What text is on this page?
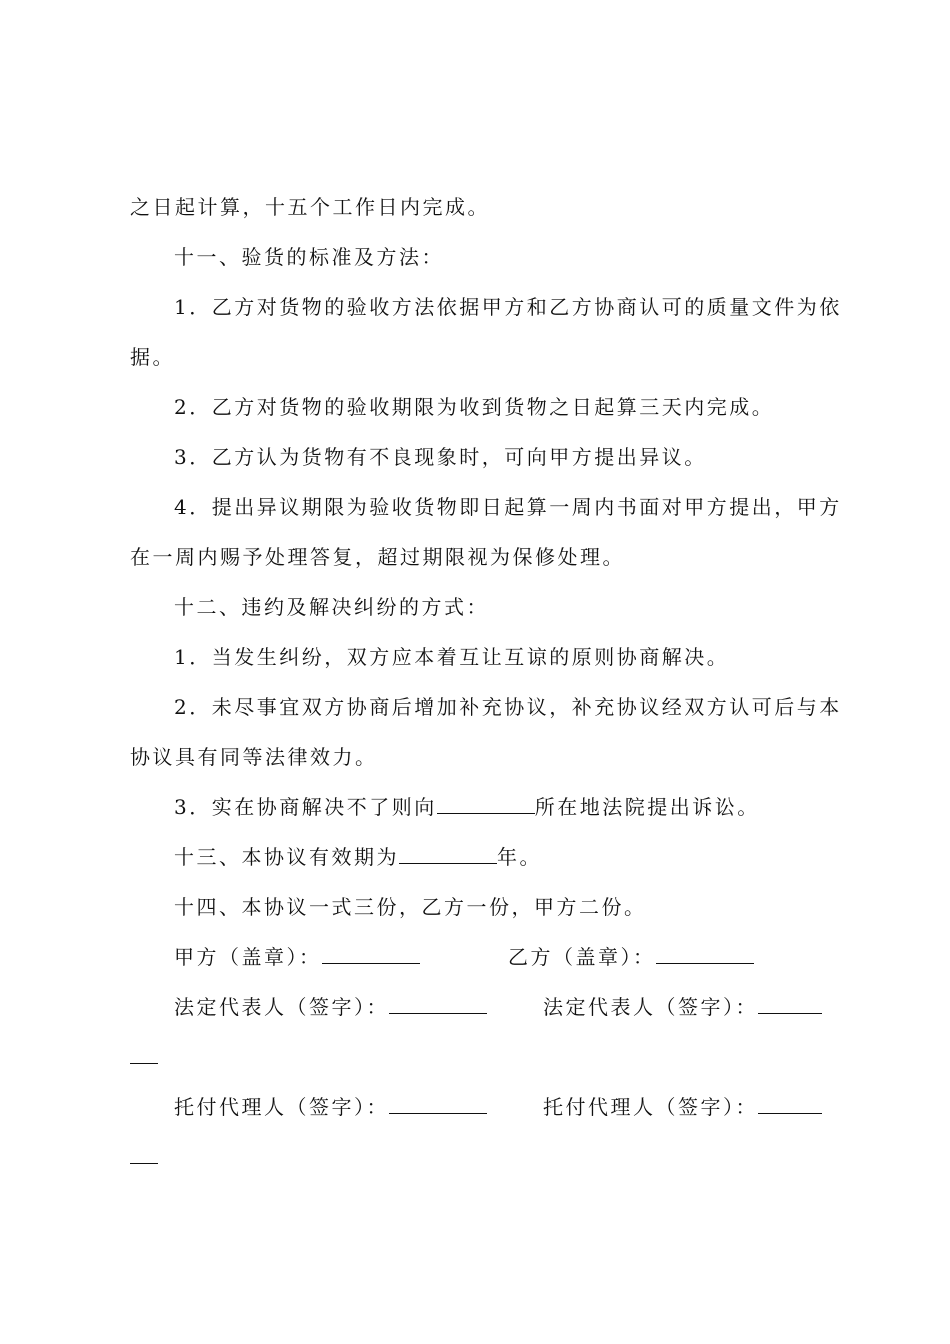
之日起计算，十五个工作日内完成。
十一、验货的标准及方法：
1．乙方对货物的验收方法依据甲方和乙方协商认可的质量文件为依
据。
2．乙方对货物的验收期限为收到货物之日起算三天内完成。
3．乙方认为货物有不良现象时，可向甲方提出异议。
4．提出异议期限为验收货物即日起算一周内书面对甲方提出，甲方
在一周内赐予处理答复，超过期限视为保修处理。
十二、违约及解决纠纷的方式：
1．当发生纠纷，双方应本着互让互谅的原则协商解决。
2．未尽事宜双方协商后增加补充协议，补充协议经双方认可后与本
协议具有同等法律效力。
3．实在协商解决不了则向	所在地法院提出诉讼。
十三、本协议有效期为	年。
十四、本协议一式三份，乙方一份，甲方二份。
甲方（盖章）：	乙方（盖章）：
法定代表人（签字）：	法定代表人（签字）：
托付代理人（签字）：	托付代理人（签字）：
